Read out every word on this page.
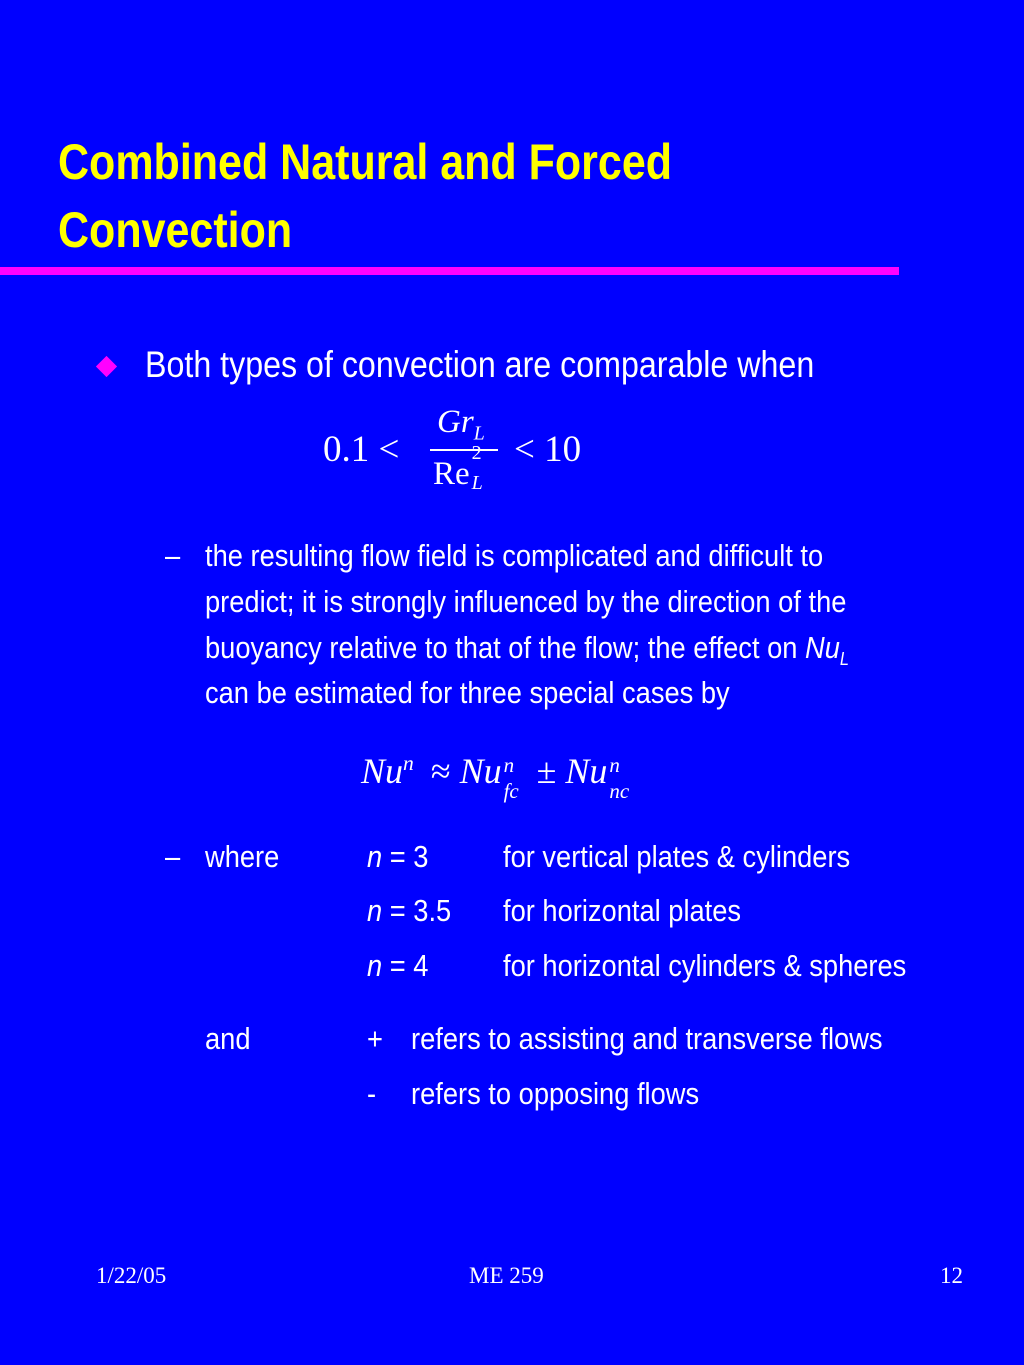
Combined Natural and Forced
Convection
Both types of convection are comparable when
0.1 <
$Gr_L$
Re
2
L
< 10
– the resulting flow field is complicated and difficult to
predict; it is strongly influenced by the direction of the
buoyancy relative to that of the flow; the effect on $Nu_L$
can be estimated for three special cases by
$Nu^n \approx Nu$ n
fc ± Nu n
nc
– where	n = 3 for vertical plates & cylinders
n = 3.5 for horizontal plates
n = 4 for horizontal cylinders & spheres
and	+ refers to assisting and transverse flows
- refers to opposing flows
1/22/05	ME 259	12
